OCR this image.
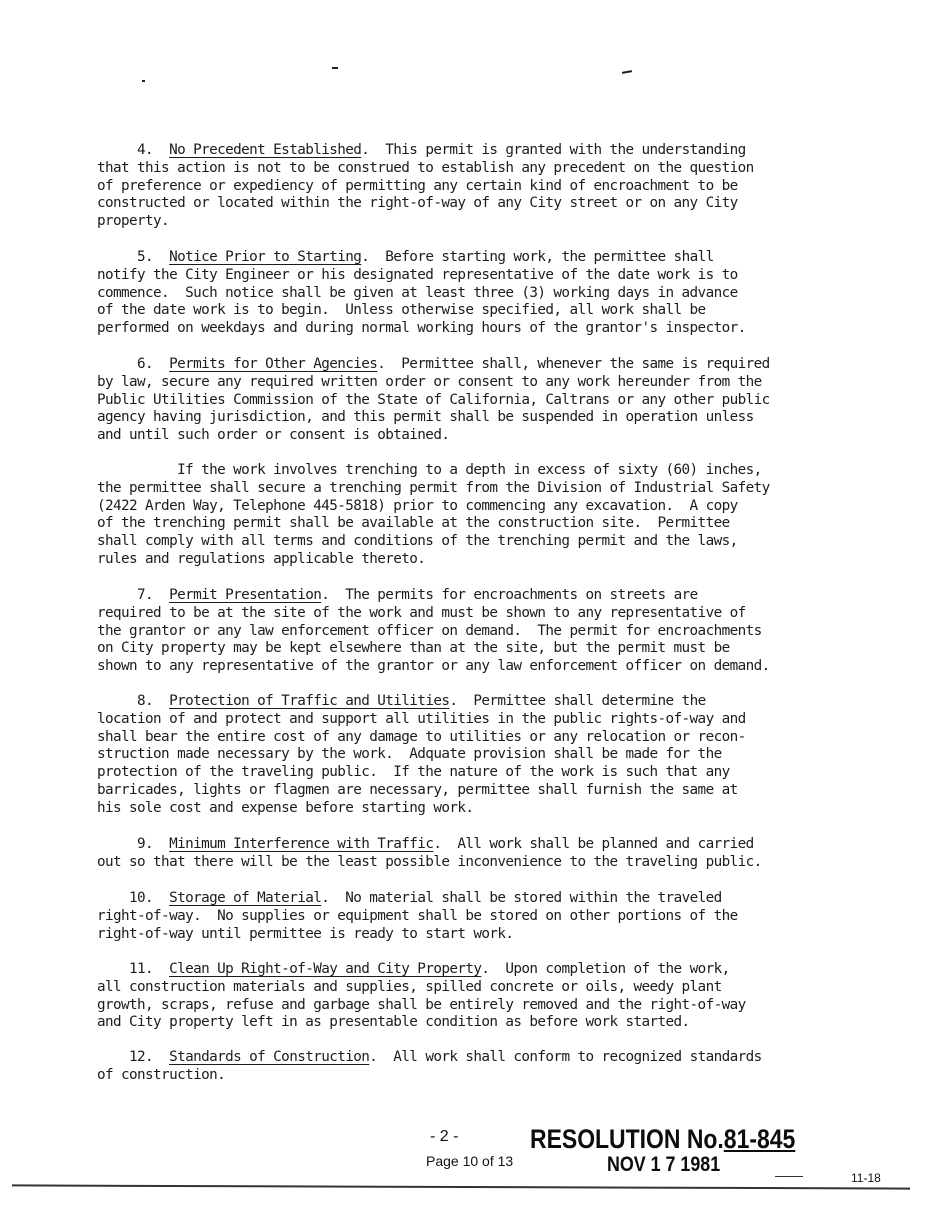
4.  No Precedent Established.  This permit is granted with the understanding
that this action is not to be construed to establish any precedent on the question
of preference or expediency of permitting any certain kind of encroachment to be
constructed or located within the right-of-way of any City street or on any City
property.
5.  Notice Prior to Starting.  Before starting work, the permittee shall
notify the City Engineer or his designated representative of the date work is to
commence.  Such notice shall be given at least three (3) working days in advance
of the date work is to begin.  Unless otherwise specified, all work shall be
performed on weekdays and during normal working hours of the grantor's inspector.
6.  Permits for Other Agencies.  Permittee shall, whenever the same is required
by law, secure any required written order or consent to any work hereunder from the
Public Utilities Commission of the State of California, Caltrans or any other public
agency having jurisdiction, and this permit shall be suspended in operation unless
and until such order or consent is obtained.
If the work involves trenching to a depth in excess of sixty (60) inches,
the permittee shall secure a trenching permit from the Division of Industrial Safety
(2422 Arden Way, Telephone 445-5818) prior to commencing any excavation.  A copy
of the trenching permit shall be available at the construction site.  Permittee
shall comply with all terms and conditions of the trenching permit and the laws,
rules and regulations applicable thereto.
7.  Permit Presentation.  The permits for encroachments on streets are
required to be at the site of the work and must be shown to any representative of
the grantor or any law enforcement officer on demand.  The permit for encroachments
on City property may be kept elsewhere than at the site, but the permit must be
shown to any representative of the grantor or any law enforcement officer on demand.
8.  Protection of Traffic and Utilities.  Permittee shall determine the
location of and protect and support all utilities in the public rights-of-way and
shall bear the entire cost of any damage to utilities or any relocation or recon-
struction made necessary by the work.  Adquate provision shall be made for the
protection of the traveling public.  If the nature of the work is such that any
barricades, lights or flagmen are necessary, permittee shall furnish the same at
his sole cost and expense before starting work.
9.  Minimum Interference with Traffic.  All work shall be planned and carried
out so that there will be the least possible inconvenience to the traveling public.
10.  Storage of Material.  No material shall be stored within the traveled
right-of-way.  No supplies or equipment shall be stored on other portions of the
right-of-way until permittee is ready to start work.
11.  Clean Up Right-of-Way and City Property.  Upon completion of the work,
all construction materials and supplies, spilled concrete or oils, weedy plant
growth, scraps, refuse and garbage shall be entirely removed and the right-of-way
and City property left in as presentable condition as before work started.
12.  Standards of Construction.  All work shall conform to recognized standards
of construction.
- 2 -
Page 10 of 13
RESOLUTION No.81-845
NOV 1 7 1981
11-18
